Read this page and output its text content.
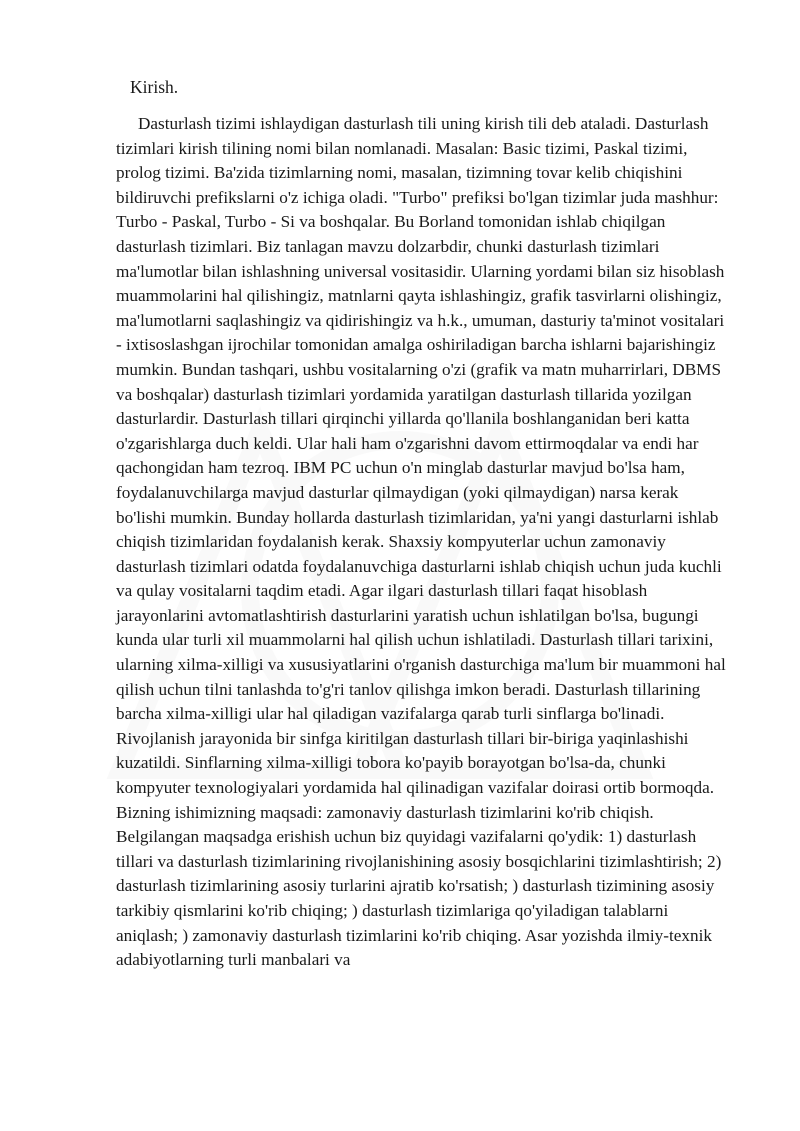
Kirish.

Dasturlash tizimi ishlaydigan dasturlash tili uning kirish tili deb ataladi. Dasturlash tizimlari kirish tilining nomi bilan nomlanadi. Masalan: Basic tizimi, Paskal tizimi, prolog tizimi. Ba'zida tizimlarning nomi, masalan, tizimning tovar kelib chiqishini bildiruvchi prefikslarni o'z ichiga oladi. "Turbo" prefiksi bo'lgan tizimlar juda mashhur: Turbo - Paskal, Turbo - Si va boshqalar. Bu Borland tomonidan ishlab chiqilgan dasturlash tizimlari. Biz tanlagan mavzu dolzarbdir, chunki dasturlash tizimlari ma'lumotlar bilan ishlashning universal vositasidir. Ularning yordami bilan siz hisoblash muammolarini hal qilishingiz, matnlarni qayta ishlashingiz, grafik tasvirlarni olishingiz, ma'lumotlarni saqlashingiz va qidirishingiz va h.k., umuman, dasturiy ta'minot vositalari - ixtisoslashgan ijrochilar tomonidan amalga oshiriladigan barcha ishlarni bajarishingiz mumkin. Bundan tashqari, ushbu vositalarning o'zi (grafik va matn muharrirlari, DBMS va boshqalar) dasturlash tizimlari yordamida yaratilgan dasturlash tillarida yozilgan dasturlardir. Dasturlash tillari qirqinchi yillarda qo'llanila boshlanganidan beri katta o'zgarishlarga duch keldi. Ular hali ham o'zgarishni davom ettirmoqdalar va endi har qachongidan ham tezroq. IBM PC uchun o'n minglab dasturlar mavjud bo'lsa ham, foydalanuvchilarga mavjud dasturlar qilmaydigan (yoki qilmaydigan) narsa kerak bo'lishi mumkin. Bunday hollarda dasturlash tizimlaridan, ya'ni yangi dasturlarni ishlab chiqish tizimlaridan foydalanish kerak. Shaxsiy kompyuterlar uchun zamonaviy dasturlash tizimlari odatda foydalanuvchiga dasturlarni ishlab chiqish uchun juda kuchli va qulay vositalarni taqdim etadi. Agar ilgari dasturlash tillari faqat hisoblash jarayonlarini avtomatlashtirish dasturlarini yaratish uchun ishlatilgan bo'lsa, bugungi kunda ular turli xil muammolarni hal qilish uchun ishlatiladi. Dasturlash tillari tarixini, ularning xilma-xilligi va xususiyatlarini o'rganish dasturchiga ma'lum bir muammoni hal qilish uchun tilni tanlashda to'g'ri tanlov qilishga imkon beradi. Dasturlash tillarining barcha xilma-xilligi ular hal qiladigan vazifalarga qarab turli sinflarga bo'linadi. Rivojlanish jarayonida bir sinfga kiritilgan dasturlash tillari bir-biriga yaqinlashishi kuzatildi. Sinflarning xilma-xilligi tobora ko'payib borayotgan bo'lsa-da, chunki kompyuter texnologiyalari yordamida hal qilinadigan vazifalar doirasi ortib bormoqda. Bizning ishimizning maqsadi: zamonaviy dasturlash tizimlarini ko'rib chiqish. Belgilangan maqsadga erishish uchun biz quyidagi vazifalarni qo'ydik: 1) dasturlash tillari va dasturlash tizimlarining rivojlanishining asosiy bosqichlarini tizimlashtirish; 2) dasturlash tizimlarining asosiy turlarini ajratib ko'rsatish; ) dasturlash tizimining asosiy tarkibiy qismlarini ko'rib chiqing; ) dasturlash tizimlariga qo'yiladigan talablarni aniqlash; ) zamonaviy dasturlash tizimlarini ko'rib chiqing. Asar yozishda ilmiy-texnik adabiyotlarning turli manbalari va
